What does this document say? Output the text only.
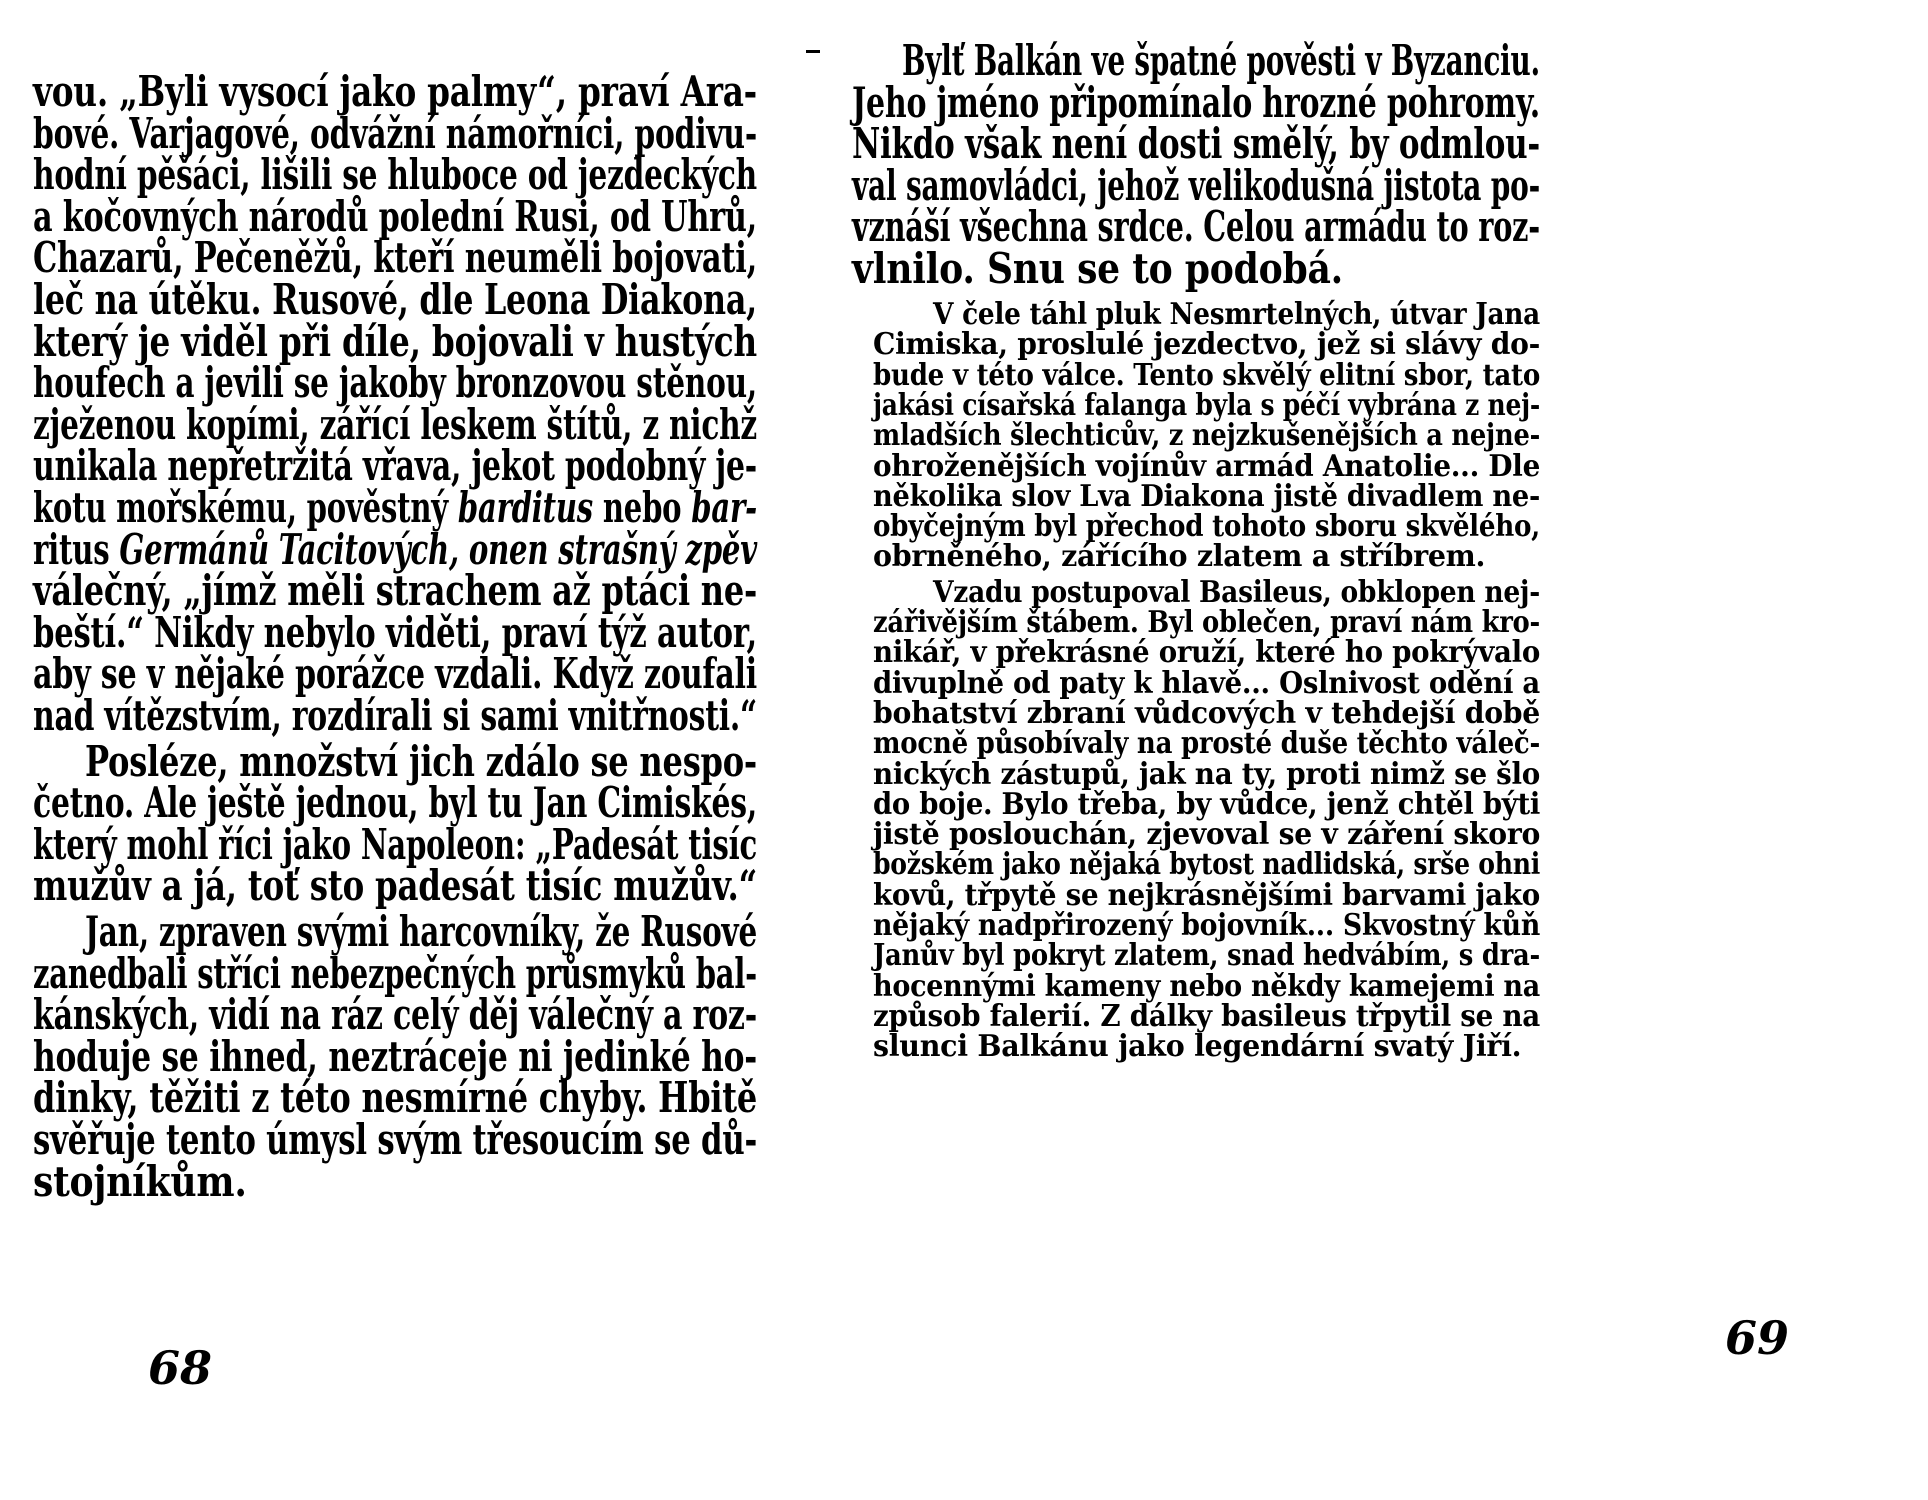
vou. „Byli vysocí jako palmy“, praví Ara-
bové. Varjagové, odvážní námořníci, podivu-
hodní pěšáci, lišili se hluboce od jezdeckých
a kočovných národů polední Rusi, od Uhrů,
Chazarů, Pečeněžů, kteří neuměli bojovati,
leč na útěku. Rusové, dle Leona Diakona,
který je viděl při díle, bojovali v hustých
houfech a jevili se jakoby bronzovou stěnou,
zježenou kopími, zářící leskem štítů, z nichž
unikala nepřetržitá vřava, jekot podobný je-
kotu mořskému, pověstný barditus nebo bar-
ritus Germánů Tacitových, onen strašný zpěv
válečný, „jímž měli strachem až ptáci ne-
beští.“ Nikdy nebylo viděti, praví týž autor,
aby se v nějaké porážce vzdali. Když zoufali
nad vítězstvím, rozdírali si sami vnitřnosti.“
Posléze, množství jich zdálo se nespo-
četno. Ale ještě jednou, byl tu Jan Cimiskés,
který mohl říci jako Napoleon: „Padesát tisíc
mužův a já, toť sto padesát tisíc mužův.“
Jan, zpraven svými harcovníky, že Rusové
zanedbali stříci nebezpečných průsmyků bal-
kánských, vidí na ráz celý děj válečný a roz-
hoduje se ihned, neztráceje ni jedinké ho-
dinky, těžiti z této nesmírné chyby. Hbitě
svěřuje tento úmysl svým třesoucím se dů-
stojníkům.
68
Bylť Balkán ve špatné pověsti v Byzanciu.
Jeho jméno připomínalo hrozné pohromy.
Nikdo však není dosti smělý, by odmlou-
val samovládci, jehož velikodušná jistota po-
vznáší všechna srdce. Celou armádu to roz-
vlnilo. Snu se to podobá.
V čele táhl pluk Nesmrtelných, útvar Jana
Cimiska, proslulé jezdectvo, jež si slávy do-
bude v této válce. Tento skvělý elitní sbor, tato
jakási císařská falanga byla s péčí vybrána z nej-
mladších šlechticův, z nejzkušenějších a nejne-
ohroženějších vojínův armád Anatolie... Dle
několika slov Lva Diakona jistě divadlem ne-
obyčejným byl přechod tohoto sboru skvělého,
obrněného, zářícího zlatem a stříbrem.
Vzadu postupoval Basileus, obklopen nej-
zářivějším štábem. Byl oblečen, praví nám kro-
nikář, v překrásné oruží, které ho pokrývalo
divuplně od paty k hlavě... Oslnivost odění a
bohatství zbraní vůdcových v tehdejší době
mocně působívaly na prosté duše těchto váleč-
nických zástupů, jak na ty, proti nimž se šlo
do boje. Bylo třeba, by vůdce, jenž chtěl býti
jistě poslouchán, zjevoval se v záření skoro
božském jako nějaká bytost nadlidská, srše ohni
kovů, třpytě se nejkrásnějšími barvami jako
nějaký nadpřirozený bojovník... Skvostný kůň
Janův byl pokryt zlatem, snad hedvábím, s dra-
hocennými kameny nebo někdy kamejemi na
způsob falerií. Z dálky basileus třpytil se na
slunci Balkánu jako legendární svatý Jiří.
69
